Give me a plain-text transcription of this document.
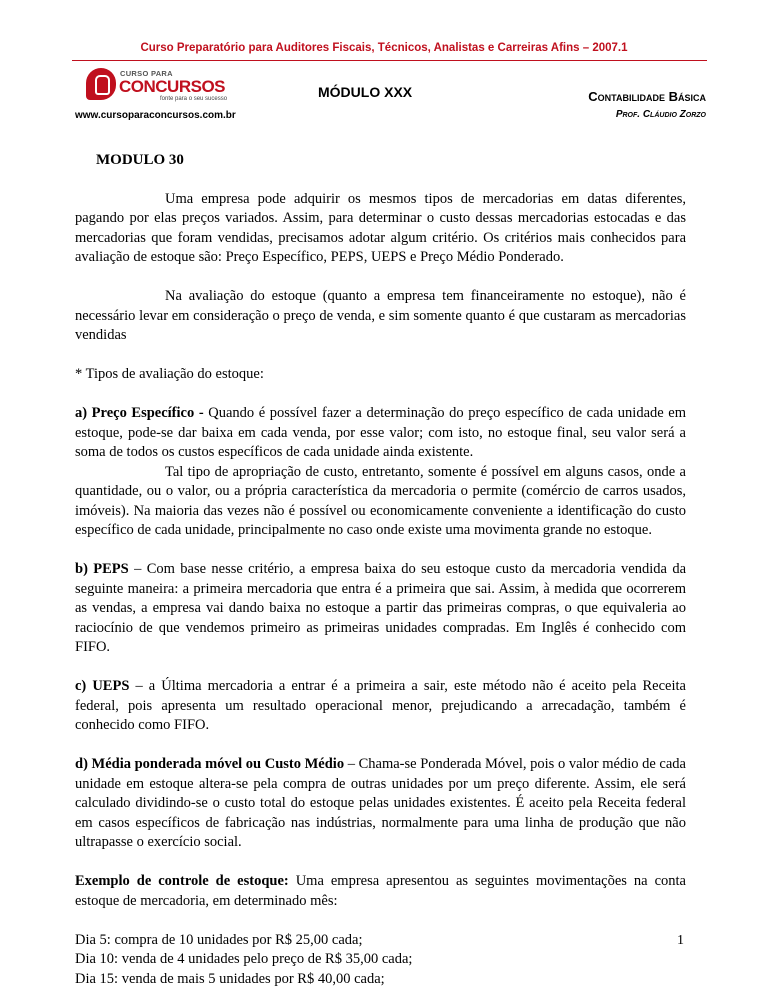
Curso Preparatório para Auditores Fiscais, Técnicos, Analistas e Carreiras Afins – 2007.1
CURSO PARA
CONCURSOS
fonte para o seu sucesso	MÓDULO XXX	Contabilidade Básica
www.cursoparaconcursos.com.br	Prof. Cláudio Zorzo

MODULO 30

Uma empresa pode adquirir os mesmos tipos de mercadorias em datas diferentes, pagando por elas preços variados. Assim, para determinar o custo dessas mercadorias estocadas e das mercadorias que foram vendidas, precisamos adotar algum critério. Os critérios mais conhecidos para avaliação de estoque são: Preço Específico, PEPS, UEPS e Preço Médio Ponderado.

Na avaliação do estoque (quanto a empresa tem financeiramente no estoque), não é necessário levar em consideração o preço de venda, e sim somente quanto é que custaram as mercadorias vendidas

* Tipos de avaliação do estoque:

a) Preço Específico - Quando é possível fazer a determinação do preço específico de cada unidade em estoque, pode-se dar baixa em cada venda, por esse valor; com isto, no estoque final, seu valor será a soma de todos os custos específicos de cada unidade ainda existente.

Tal tipo de apropriação de custo, entretanto, somente é possível em alguns casos, onde a quantidade, ou o valor, ou a própria característica da mercadoria o permite (comércio de carros usados, imóveis). Na maioria das vezes não é possível ou economicamente conveniente a identificação do custo específico de cada unidade, principalmente no caso onde existe uma movimenta grande no estoque.

b) PEPS – Com base nesse critério, a empresa baixa do seu estoque custo da mercadoria vendida da seguinte maneira: a primeira mercadoria que entra é a primeira que sai. Assim, à medida que ocorrerem as vendas, a empresa vai dando baixa no estoque a partir das primeiras compras, o que equivaleria ao raciocínio de que vendemos primeiro as primeiras unidades compradas. Em Inglês é conhecido com FIFO.

c) UEPS – a Última mercadoria a entrar é a primeira a sair, este método não é aceito pela Receita federal, pois apresenta um resultado operacional menor, prejudicando a arrecadação, também é conhecido como FIFO.

d) Média ponderada móvel ou Custo Médio – Chama-se Ponderada Móvel, pois o valor médio de cada unidade em estoque altera-se pela compra de outras unidades por um preço diferente. Assim, ele será calculado dividindo-se o custo total do estoque pelas unidades existentes. É aceito pela Receita federal em casos específicos de fabricação nas indústrias, normalmente para uma linha de produção que não ultrapasse o exercício social.

Exemplo de controle de estoque: Uma empresa apresentou as seguintes movimentações na conta estoque de mercadoria, em determinado mês:

Dia 5: compra de 10 unidades por R$ 25,00 cada;

Dia 10: venda de 4 unidades pelo preço de R$ 35,00 cada;

Dia 15: venda de mais 5 unidades por R$ 40,00 cada;

1
